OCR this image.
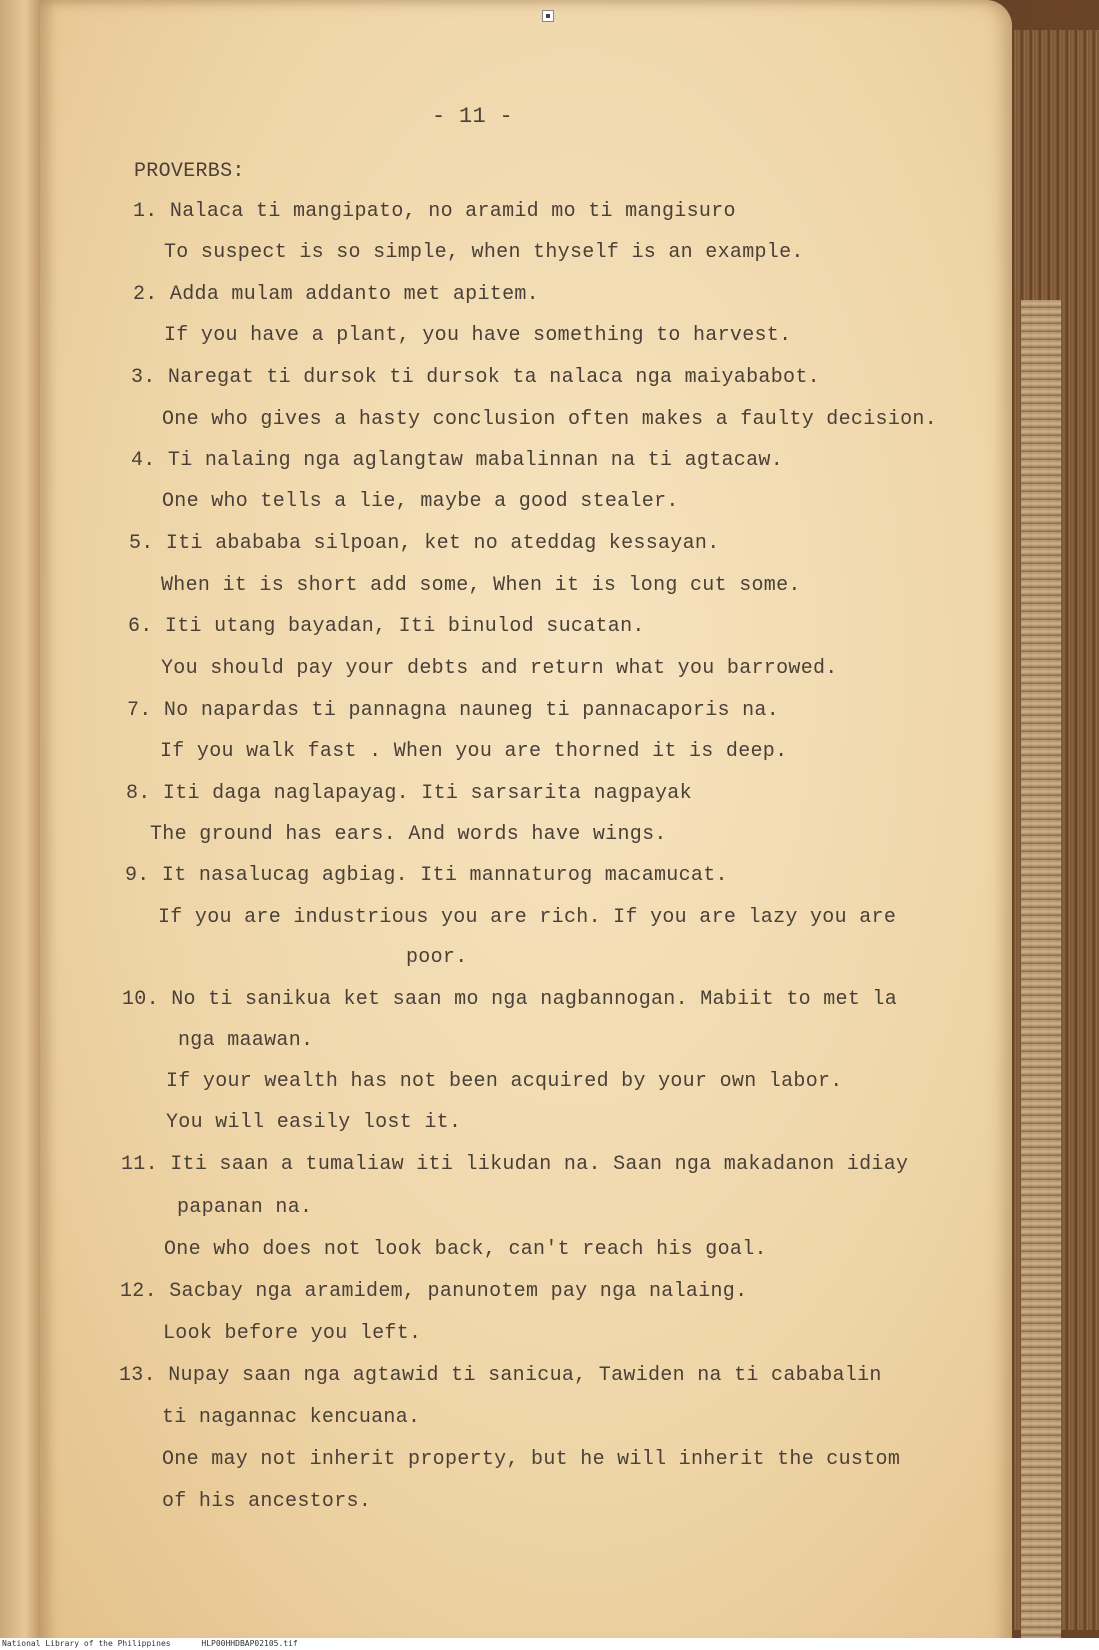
- 11 -
PROVERBS:
1. Nalaca ti mangipato, no aramid mo ti mangisuro
To suspect is so simple, when thyself is an example.
2. Adda mulam addanto met apitem.
If you have a plant, you have something to harvest.
3. Naregat ti dursok ti dursok ta nalaca nga maiyababot.
One who gives a hasty conclusion often makes a faulty decision.
4. Ti nalaing nga aglangtaw mabalinnan na ti agtacaw.
One who tells a lie, maybe a good stealer.
5. Iti abababa silpoan, ket no ateddag kessayan.
When it is short add some, When it is long cut some.
6. Iti utang bayadan, Iti binulod sucatan.
You should pay your debts and return what you barrowed.
7. No napardas ti pannagna nauneg ti pannacaporis na.
If you walk fast . When you are thorned it is deep.
8. Iti daga naglapayag. Iti sarsarita nagpayak
The ground has ears. And words have wings.
9. It nasalucag agbiag. Iti mannaturog macamucat.
If you are industrious you are rich. If you are lazy you are
poor.
10. No ti sanikua ket saan mo nga nagbannogan. Mabiit to met la
nga maawan.
If your wealth has not been acquired by your own labor.
You will easily lost it.
11. Iti saan a tumaliaw iti likudan na. Saan nga makadanon idiay
papanan na.
One who does not look back, can't reach his goal.
12. Sacbay nga aramidem, panunotem pay nga nalaing.
Look before you left.
13. Nupay saan nga agtawid ti sanicua, Tawiden na ti cababalin
ti nagannac kencuana.
One may not inherit property, but he will inherit the custom
of his ancestors.
National Library of the Philippines	HLP00HHDBAP02105.tif
